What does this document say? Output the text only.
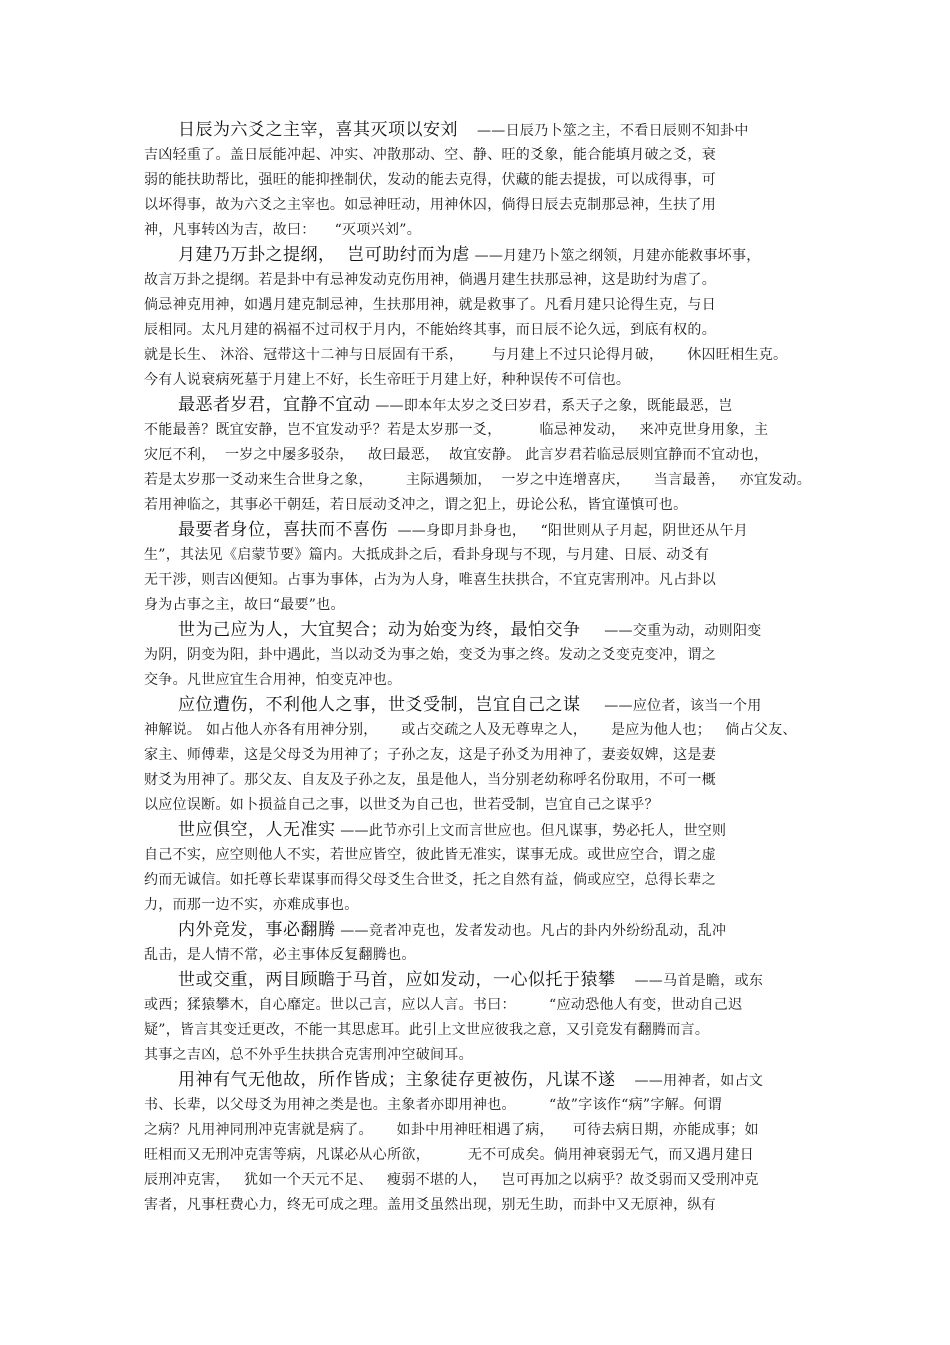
日辰为六爻之主宰，喜其灭项以安刘    ——日辰乃卜筮之主，不看日辰则不知卦中
吉凶轻重了。盖日辰能冲起、冲实、冲散那动、空、静、旺的爻象，能合能填月破之爻，衰
弱的能扶助帮比，强旺的能抑挫制伏，发动的能去克得，伏藏的能去提拔，可以成得事，可
以坏得事，故为六爻之主宰也。如忌神旺动，用神休囚，倘得日辰去克制那忌神，生扶了用
神，凡事转凶为吉，故曰：    “灭项兴刘”。
月建乃万卦之提纲，  岂可助纣而为虐 ——月建乃卜筮之纲领，月建亦能救事坏事，
故言万卦之提纲。若是卦中有忌神发动克伤用神，倘遇月建生扶那忌神，这是助纣为虐了。
倘忌神克用神，如遇月建克制忌神，生扶那用神，就是救事了。凡看月建只论得生克，与日
辰相同。太凡月建的祸福不过司权于月内，不能始终其事，而日辰不论久远，到底有权的。
就是长生、 沐浴、冠带这十二神与日辰固有干系，      与月建上不过只论得月破，     休囚旺相生克。
今有人说衰病死墓于月建上不好，长生帝旺于月建上好，种种误传不可信也。
最恶者岁君，宜静不宜动 ——即本年太岁之爻曰岁君，系天子之象，既能最恶，岂
不能最善？既宜安静，岂不宜发动乎？若是太岁那一爻，        临忌神发动，   来冲克世身用象，主
灾厄不利，  一岁之中屡多驳杂，   故曰最恶，  故宜安静。 此言岁君若临忌辰则宜静而不宜动也，
若是太岁那一爻动来生合世身之象，       主际遇频加，  一岁之中连增喜庆，     当言最善，   亦宜发动。
若用神临之，其事必干朝廷，若日辰动爻冲之，谓之犯上，毋论公私，皆宜谨慎可也。
最要者身位，喜扶而不喜伤  ——身即月卦身也，   “阳世则从子月起，阴世还从午月
生”，其法见《启蒙节要》篇内。大抵成卦之后，看卦身现与不现，与月建、日辰、动爻有
无干涉，则吉凶便知。占事为事体，占为为人身，唯喜生扶拱合，不宜克害刑冲。凡占卦以
身为占事之主，故曰“最要”也。
世为己应为人，大宜契合；动为始变为终，最怕交争     ——交重为动，动则阳变
为阴，阴变为阳，卦中遇此，当以动爻为事之始，变爻为事之终。发动之爻变克变冲，谓之
交争。凡世应宜生合用神，怕变克冲也。
应位遭伤，不利他人之事，世爻受制，岂宜自己之谋     ——应位者，该当一个用
神解说。 如占他人亦各有用神分别，     或占交疏之人及无尊卑之人，     是应为他人也；   倘占父友、
家主、师傅辈，这是父母爻为用神了；子孙之友，这是子孙爻为用神了，妻妾奴婢，这是妻
财爻为用神了。那父友、自友及子孙之友，虽是他人，当分别老幼称呼名份取用，不可一概
以应位误断。如卜损益自己之事，以世爻为自己也，世若受制，岂宜自己之谋乎？
世应俱空，人无准实 ——此节亦引上文而言世应也。但凡谋事，势必托人，世空则
自己不实，应空则他人不实，若世应皆空，彼此皆无准实，谋事无成。或世应空合，谓之虚
约而无诚信。如托尊长辈谋事而得父母爻生合世爻，托之自然有益，倘或应空，总得长辈之
力，而那一边不实，亦难成事也。
内外竞发，事必翻腾 ——竞者冲克也，发者发动也。凡占的卦内外纷纷乱动，乱冲
乱击，是人情不常，必主事体反复翻腾也。
世或交重，两目顾瞻于马首，应如发动，一心似托于猿攀    ——马首是瞻，或东
或西；猱猿攀木，自心靡定。世以己言，应以人言。书曰：       “应动恐他人有变，世动自己迟
疑”，皆言其变迁更改，不能一其思虑耳。此引上文世应彼我之意，又引竞发有翻腾而言。
其事之吉凶，总不外乎生扶拱合克害刑冲空破间耳。
用神有气无他故，所作皆成；主象徒存更被伤，凡谋不遂    ——用神者，如占文
书、长辈，以父母爻为用神之类是也。主象者亦即用神也。       “故”字该作“病”字解。何谓
之病？凡用神同刑冲克害就是病了。     如卦中用神旺相遇了病，    可待去病日期，亦能成事；如
旺相而又无刑冲克害等病，凡谋必从心所欲，        无不可成矣。倘用神衰弱无气，而又遇月建日
辰刑冲克害，   犹如一个天元不足、   瘦弱不堪的人，   岂可再加之以病乎？故爻弱而又受刑冲克
害者，凡事枉费心力，终无可成之理。盖用爻虽然出现，别无生助，而卦中又无原神，纵有
